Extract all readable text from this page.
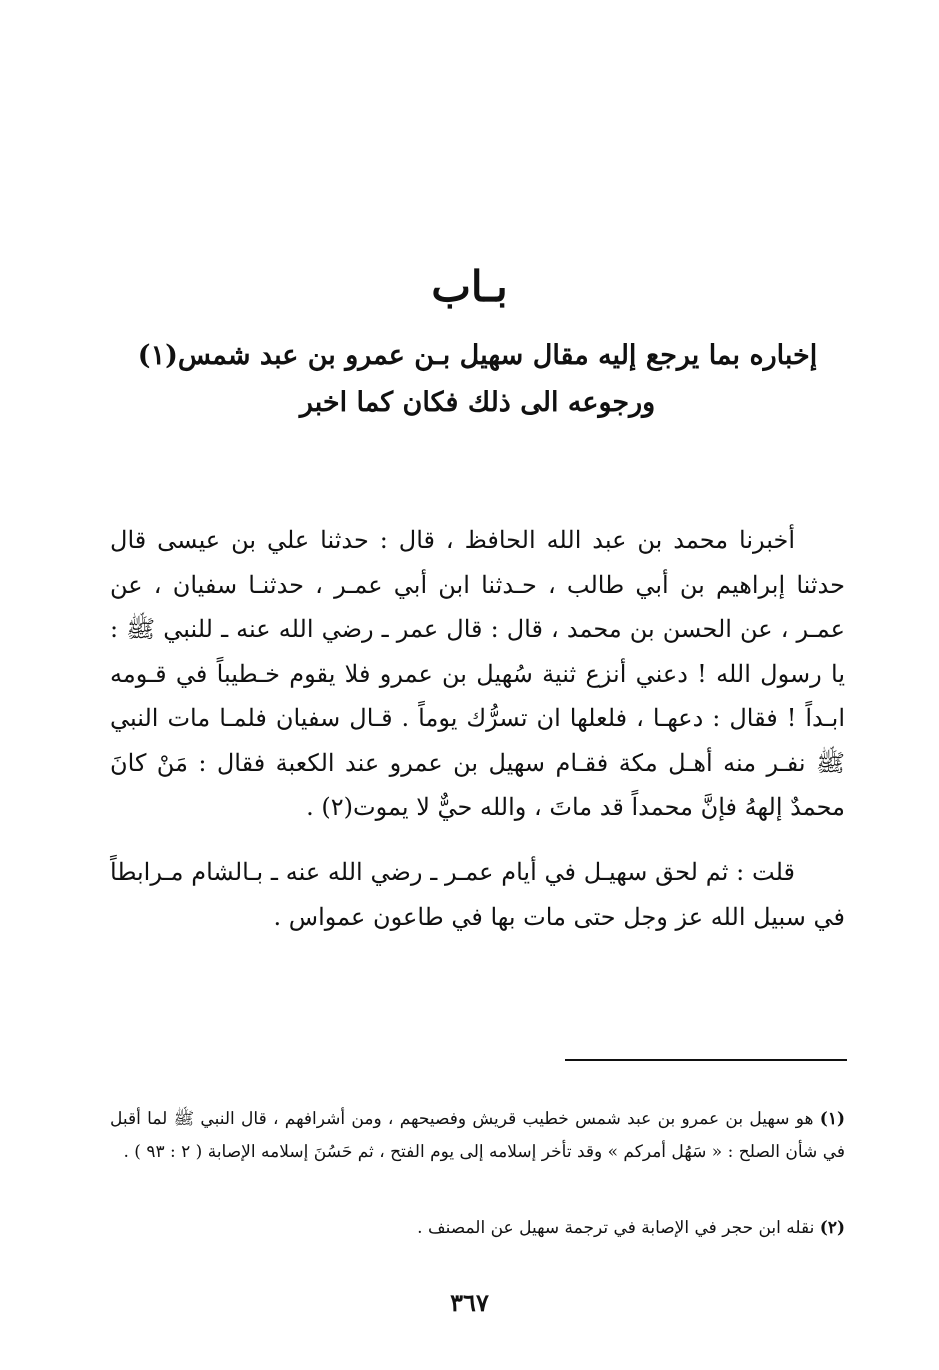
بـاب
إخباره بما يرجع إليه مقال سهيل بـن عمرو بن عبد شمس(١) ورجوعه الى ذلك فكان كما اخبر

أخبرنا محمد بن عبد الله الحافظ ، قال : حدثنا علي بن عيسى قال حدثنا إبراهيم بن أبي طالب ، حـدثنا ابن أبي عمـر ، حدثنـا سفيان ، عن عمـر ، عن الحسن بن محمد ، قال : قال عمر ـ رضي الله عنه ـ للنبي ﷺ : يا رسول الله ! دعني أنزع ثنية سُهيل بن عمرو فلا يقوم خـطيباً في قـومه ابـداً ! فقال : دعهـا ، فلعلها ان تسرُّك يوماً . قـال سفيان فلمـا مات النبي ﷺ نفـر منه أهـل مكة فقـام سهيل بن عمرو عند الكعبة فقال : مَنْ كانَ محمدٌ إلههُ فإنَّ محمداً قد ماتَ ، والله حيٌّ لا يموت(٢) .

قلت : ثم لحق سهيـل في أيام عمـر ـ رضي الله عنه ـ بـالشام مـرابطاً في سبيل الله عز وجل حتى مات بها في طاعون عمواس .

(١) هو سهيل بن عمرو بن عبد شمس خطيب قريش وفصيحهم ، ومن أشرافهم ، قال النبي ﷺ لما أقبل في شأن الصلح : « سَهُل أمركم » وقد تأخر إسلامه إلى يوم الفتح ، ثم حَسُنَ إسلامه الإصابة ( ٢ : ٩٣ ) .

(٢) نقله ابن حجر في الإصابة في ترجمة سهيل عن المصنف .

٣٦٧
